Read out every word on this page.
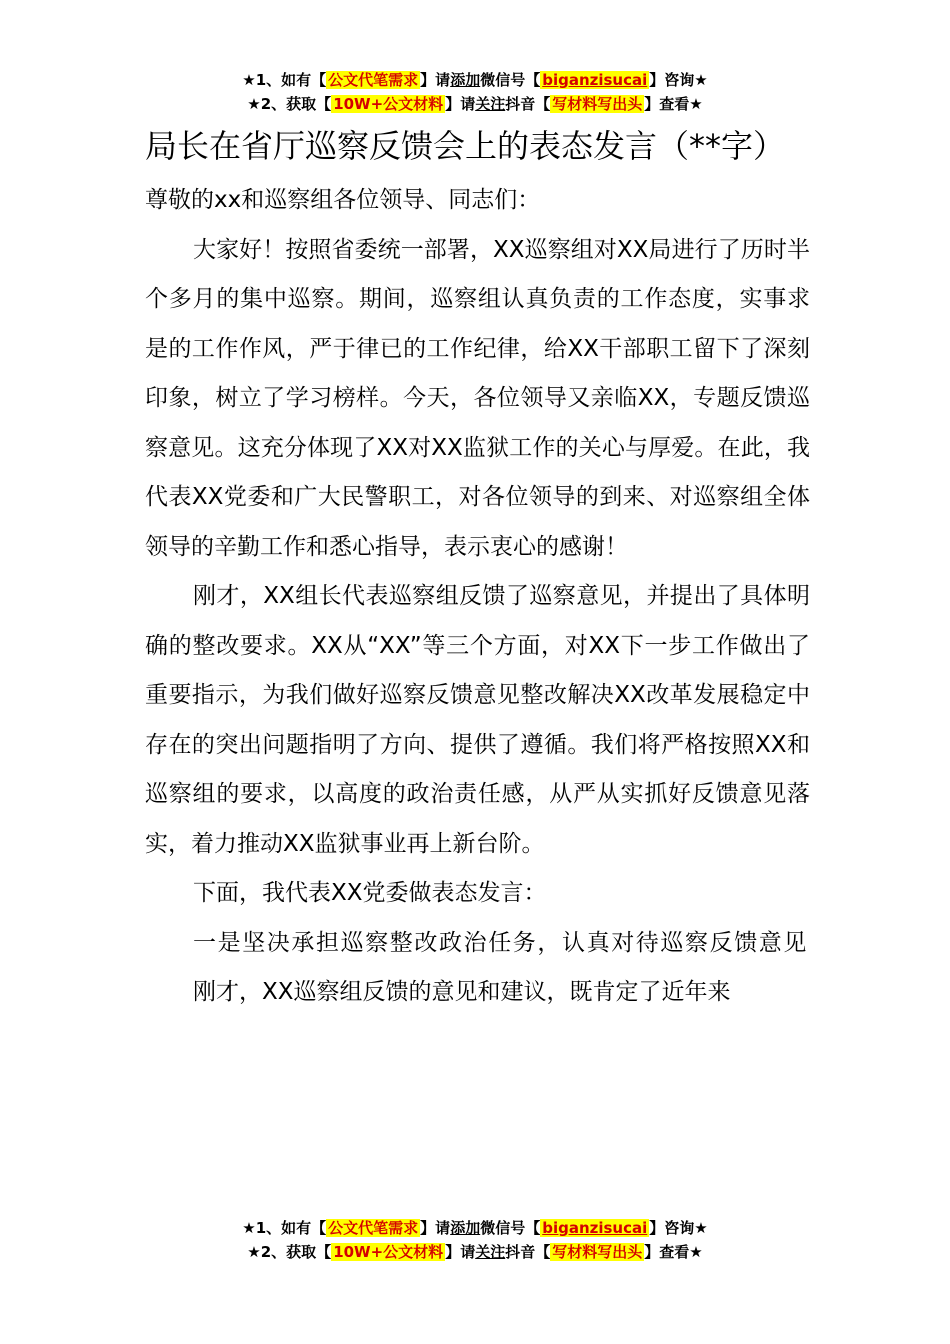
★1、如有【 公文代笔需求 】请添加微信号【 biganzisucai 】咨询★
★2、获取【 10W+公文材料 】请关注抖音【 写材料写出头 】查看★
局长在省厅巡察反馈会上的表态发言（**字）
尊敬的xx和巡察组各位领导、同志们：

大家好！按照省委统一部署，XX巡察组对XX局进行了历时半个多月的集中巡察。期间，巡察组认真负责的工作态度，实事求是的工作作风，严于律已的工作纪律，给XX干部职工留下了深刻印象，树立了学习榜样。今天，各位领导又亲临XX，专题反馈巡察意见。这充分体现了XX对XX监狱工作的关心与厚爱。在此，我代表XX党委和广大民警职工，对各位领导的到来、对巡察组全体领导的辛勤工作和悉心指导，表示衷心的感谢！

刚才，XX组长代表巡察组反馈了巡察意见，并提出了具体明确的整改要求。XX从“XX”等三个方面，对XX下一步工作做出了重要指示，为我们做好巡察反馈意见整改解决XX改革发展稳定中存在的突出问题指明了方向、提供了遵循。我们将严格按照XX和巡察组的要求，以高度的政治责任感，从严从实抓好反馈意见落实，着力推动XX监狱事业再上新台阶。

下面，我代表XX党委做表态发言：

一是坚决承担巡察整改政治任务，认真对待巡察反馈意见

刚才，XX巡察组反馈的意见和建议，既肯定了近年来

★1、如有【 公文代笔需求 】请添加微信号【 biganzisucai 】咨询★
★2、获取【 10W+公文材料 】请关注抖音【 写材料写出头 】查看★
